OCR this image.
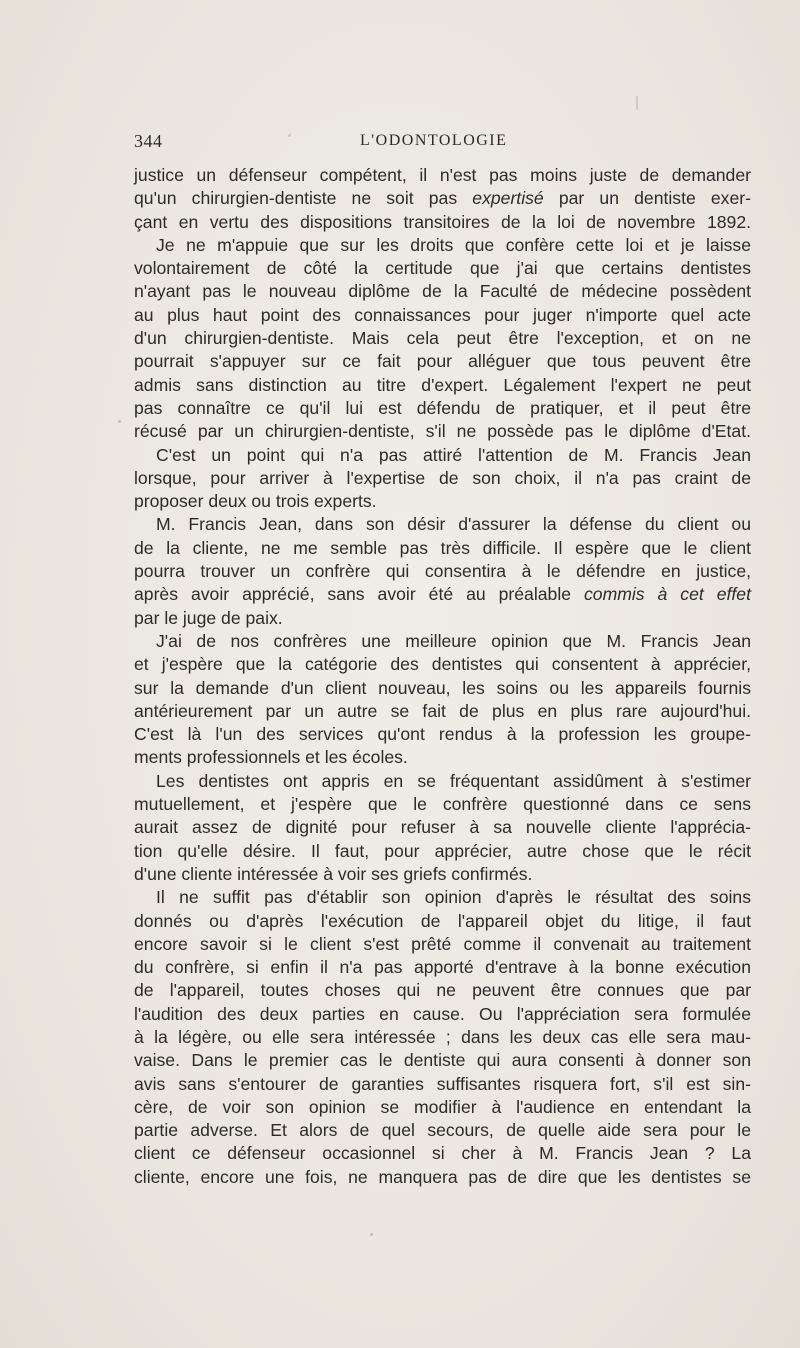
344	L'ODONTOLOGIE
justice un défenseur compétent, il n'est pas moins juste de demander
qu'un chirurgien-dentiste ne soit pas expertisé par un dentiste exer-
çant en vertu des dispositions transitoires de la loi de novembre 1892.
Je ne m'appuie que sur les droits que confère cette loi et je laisse
volontairement de côté la certitude que j'ai que certains dentistes
n'ayant pas le nouveau diplôme de la Faculté de médecine possèdent
au plus haut point des connaissances pour juger n'importe quel acte
d'un chirurgien-dentiste. Mais cela peut être l'exception, et on ne
pourrait s'appuyer sur ce fait pour alléguer que tous peuvent être
admis sans distinction au titre d'expert. Légalement l'expert ne peut
pas connaître ce qu'il lui est défendu de pratiquer, et il peut être
récusé par un chirurgien-dentiste, s'il ne possède pas le diplôme d'Etat.
C'est un point qui n'a pas attiré l'attention de M. Francis Jean
lorsque, pour arriver à l'expertise de son choix, il n'a pas craint de
proposer deux ou trois experts.
M. Francis Jean, dans son désir d'assurer la défense du client ou
de la cliente, ne me semble pas très difficile. Il espère que le client
pourra trouver un confrère qui consentira à le défendre en justice,
après avoir apprécié, sans avoir été au préalable commis à cet effet
par le juge de paix.
J'ai de nos confrères une meilleure opinion que M. Francis Jean
et j'espère que la catégorie des dentistes qui consentent à apprécier,
sur la demande d'un client nouveau, les soins ou les appareils fournis
antérieurement par un autre se fait de plus en plus rare aujourd'hui.
C'est là l'un des services qu'ont rendus à la profession les groupe-
ments professionnels et les écoles.
Les dentistes ont appris en se fréquentant assidûment à s'estimer
mutuellement, et j'espère que le confrère questionné dans ce sens
aurait assez de dignité pour refuser à sa nouvelle cliente l'apprécia-
tion qu'elle désire. Il faut, pour apprécier, autre chose que le récit
d'une cliente intéressée à voir ses griefs confirmés.
Il ne suffit pas d'établir son opinion d'après le résultat des soins
donnés ou d'après l'exécution de l'appareil objet du litige, il faut
encore savoir si le client s'est prêté comme il convenait au traitement
du confrère, si enfin il n'a pas apporté d'entrave à la bonne exécution
de l'appareil, toutes choses qui ne peuvent être connues que par
l'audition des deux parties en cause. Ou l'appréciation sera formulée
à la légère, ou elle sera intéressée ; dans les deux cas elle sera mau-
vaise. Dans le premier cas le dentiste qui aura consenti à donner son
avis sans s'entourer de garanties suffisantes risquera fort, s'il est sin-
cère, de voir son opinion se modifier à l'audience en entendant la
partie adverse. Et alors de quel secours, de quelle aide sera pour le
client ce défenseur occasionnel si cher à M. Francis Jean ? La
cliente, encore une fois, ne manquera pas de dire que les dentistes se
